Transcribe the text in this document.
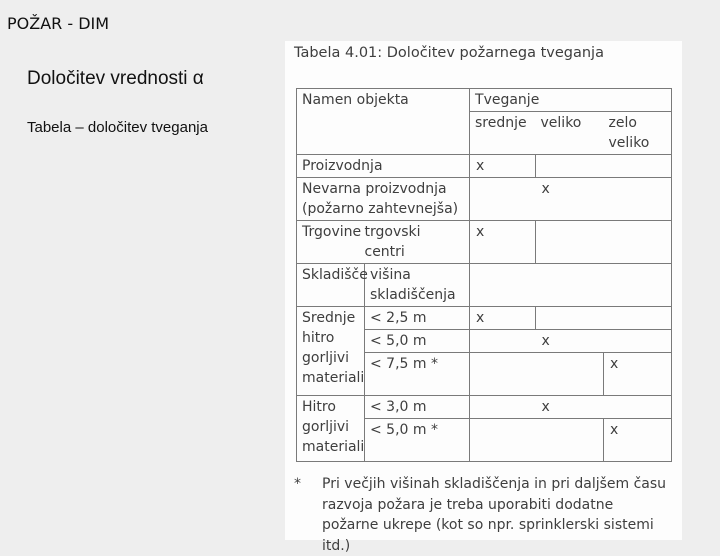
POŽAR - DIM
Določitev vrednosti α
Tabela – določitev tveganja
Tabela 4.01: Določitev požarnega tveganja
Namen objekta		Tveganje		
		srednje	veliko	zelo veliko
Proizvodnja		x		
Nevarna proizvodnja (požarno zahtevnejša)			x	
Trgovine	trgovski centri	x		
Skladišče	višina skladiščenja			
Srednje hitro gorljivi materiali	< 2,5 m	x		
	< 5,0 m		x	
	< 7,5 m *			x
Hitro gorljivi materiali	< 3,0 m		x	
	< 5,0 m *			x
* Pri večjih višinah skladiščenja in pri daljšem času razvoja požara je treba uporabiti dodatne požarne ukrepe (kot so npr. sprinklerski sistemi itd.)
